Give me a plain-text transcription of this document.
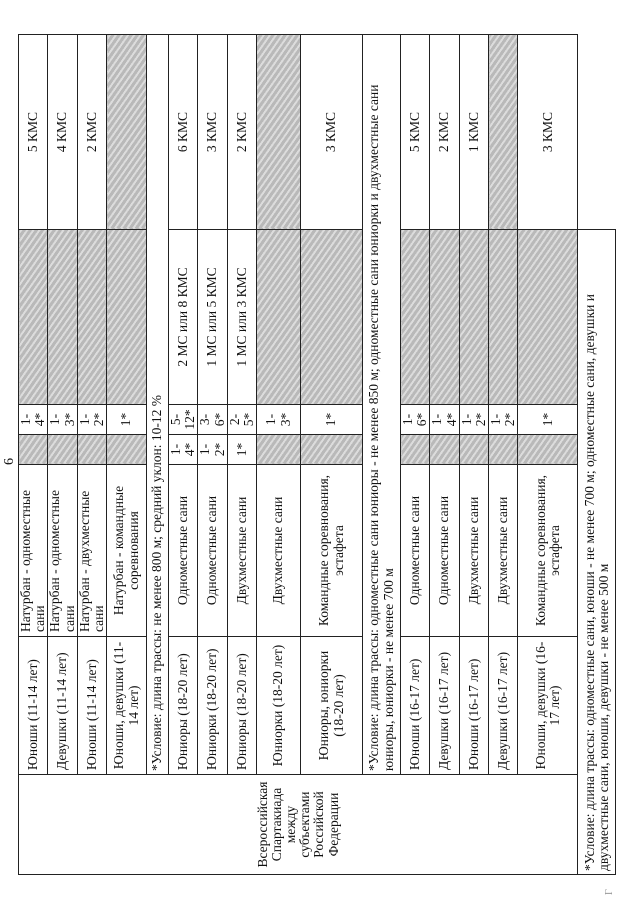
6
Всероссийская Спартакиада между субъектами Российской Федерации	Юноши (11-14 лет)	Натурбан - одноместные сани		1-4*		5 КМС
	Девушки (11-14 лет)	Натурбан - одноместные сани		1-3*		4 КМС
	Юноши (11-14 лет)	Натурбан - двухместные сани		1-2*		2 КМС
	Юноши, девушки (11-14 лет)	Натурбан - командные соревнования		1*		
	*Условие: длина трассы: не менее 800 м; средний уклон: 10-12 %					
	Юниоры (18-20 лет)	Одноместные сани	1-4*	5-12*	2 МС или 8 КМС	6 КМС
	Юниорки (18-20 лет)	Одноместные сани	1-2*	3-6*	1 МС или 5 КМС	3 КМС
	Юниоры (18-20 лет)	Двухместные сани	1*	2-5*	1 МС или 3 КМС	2 КМС
	Юниорки (18-20 лет)	Двухместные сани		1-3*		
	Юниоры, юниорки (18-20 лет)	Командные соревнования, эстафета		1*		3 КМС
	*Условие: длина трассы: одноместные сани юниоры - не менее 850 м; одноместные сани юниорки и двухместные сани юниоры, юниорки - не менее 700 м					
	Юноши (16-17 лет)	Одноместные сани		1-6*		5 КМС
	Девушки (16-17 лет)	Одноместные сани		1-4*		2 КМС
	Юноши (16-17 лет)	Двухместные сани		1-2*		1 КМС
	Девушки (16-17 лет)	Двухместные сани		1-2*		
	Юноши, девушки (16-17 лет)	Командные соревнования, эстафета		1*		3 КМС
*Условие: длина трассы: одноместные сани, юноши - не менее 700 м; одноместные сани, девушки и двухместные сани, юноши, девушки - не менее 500 м						
Г
